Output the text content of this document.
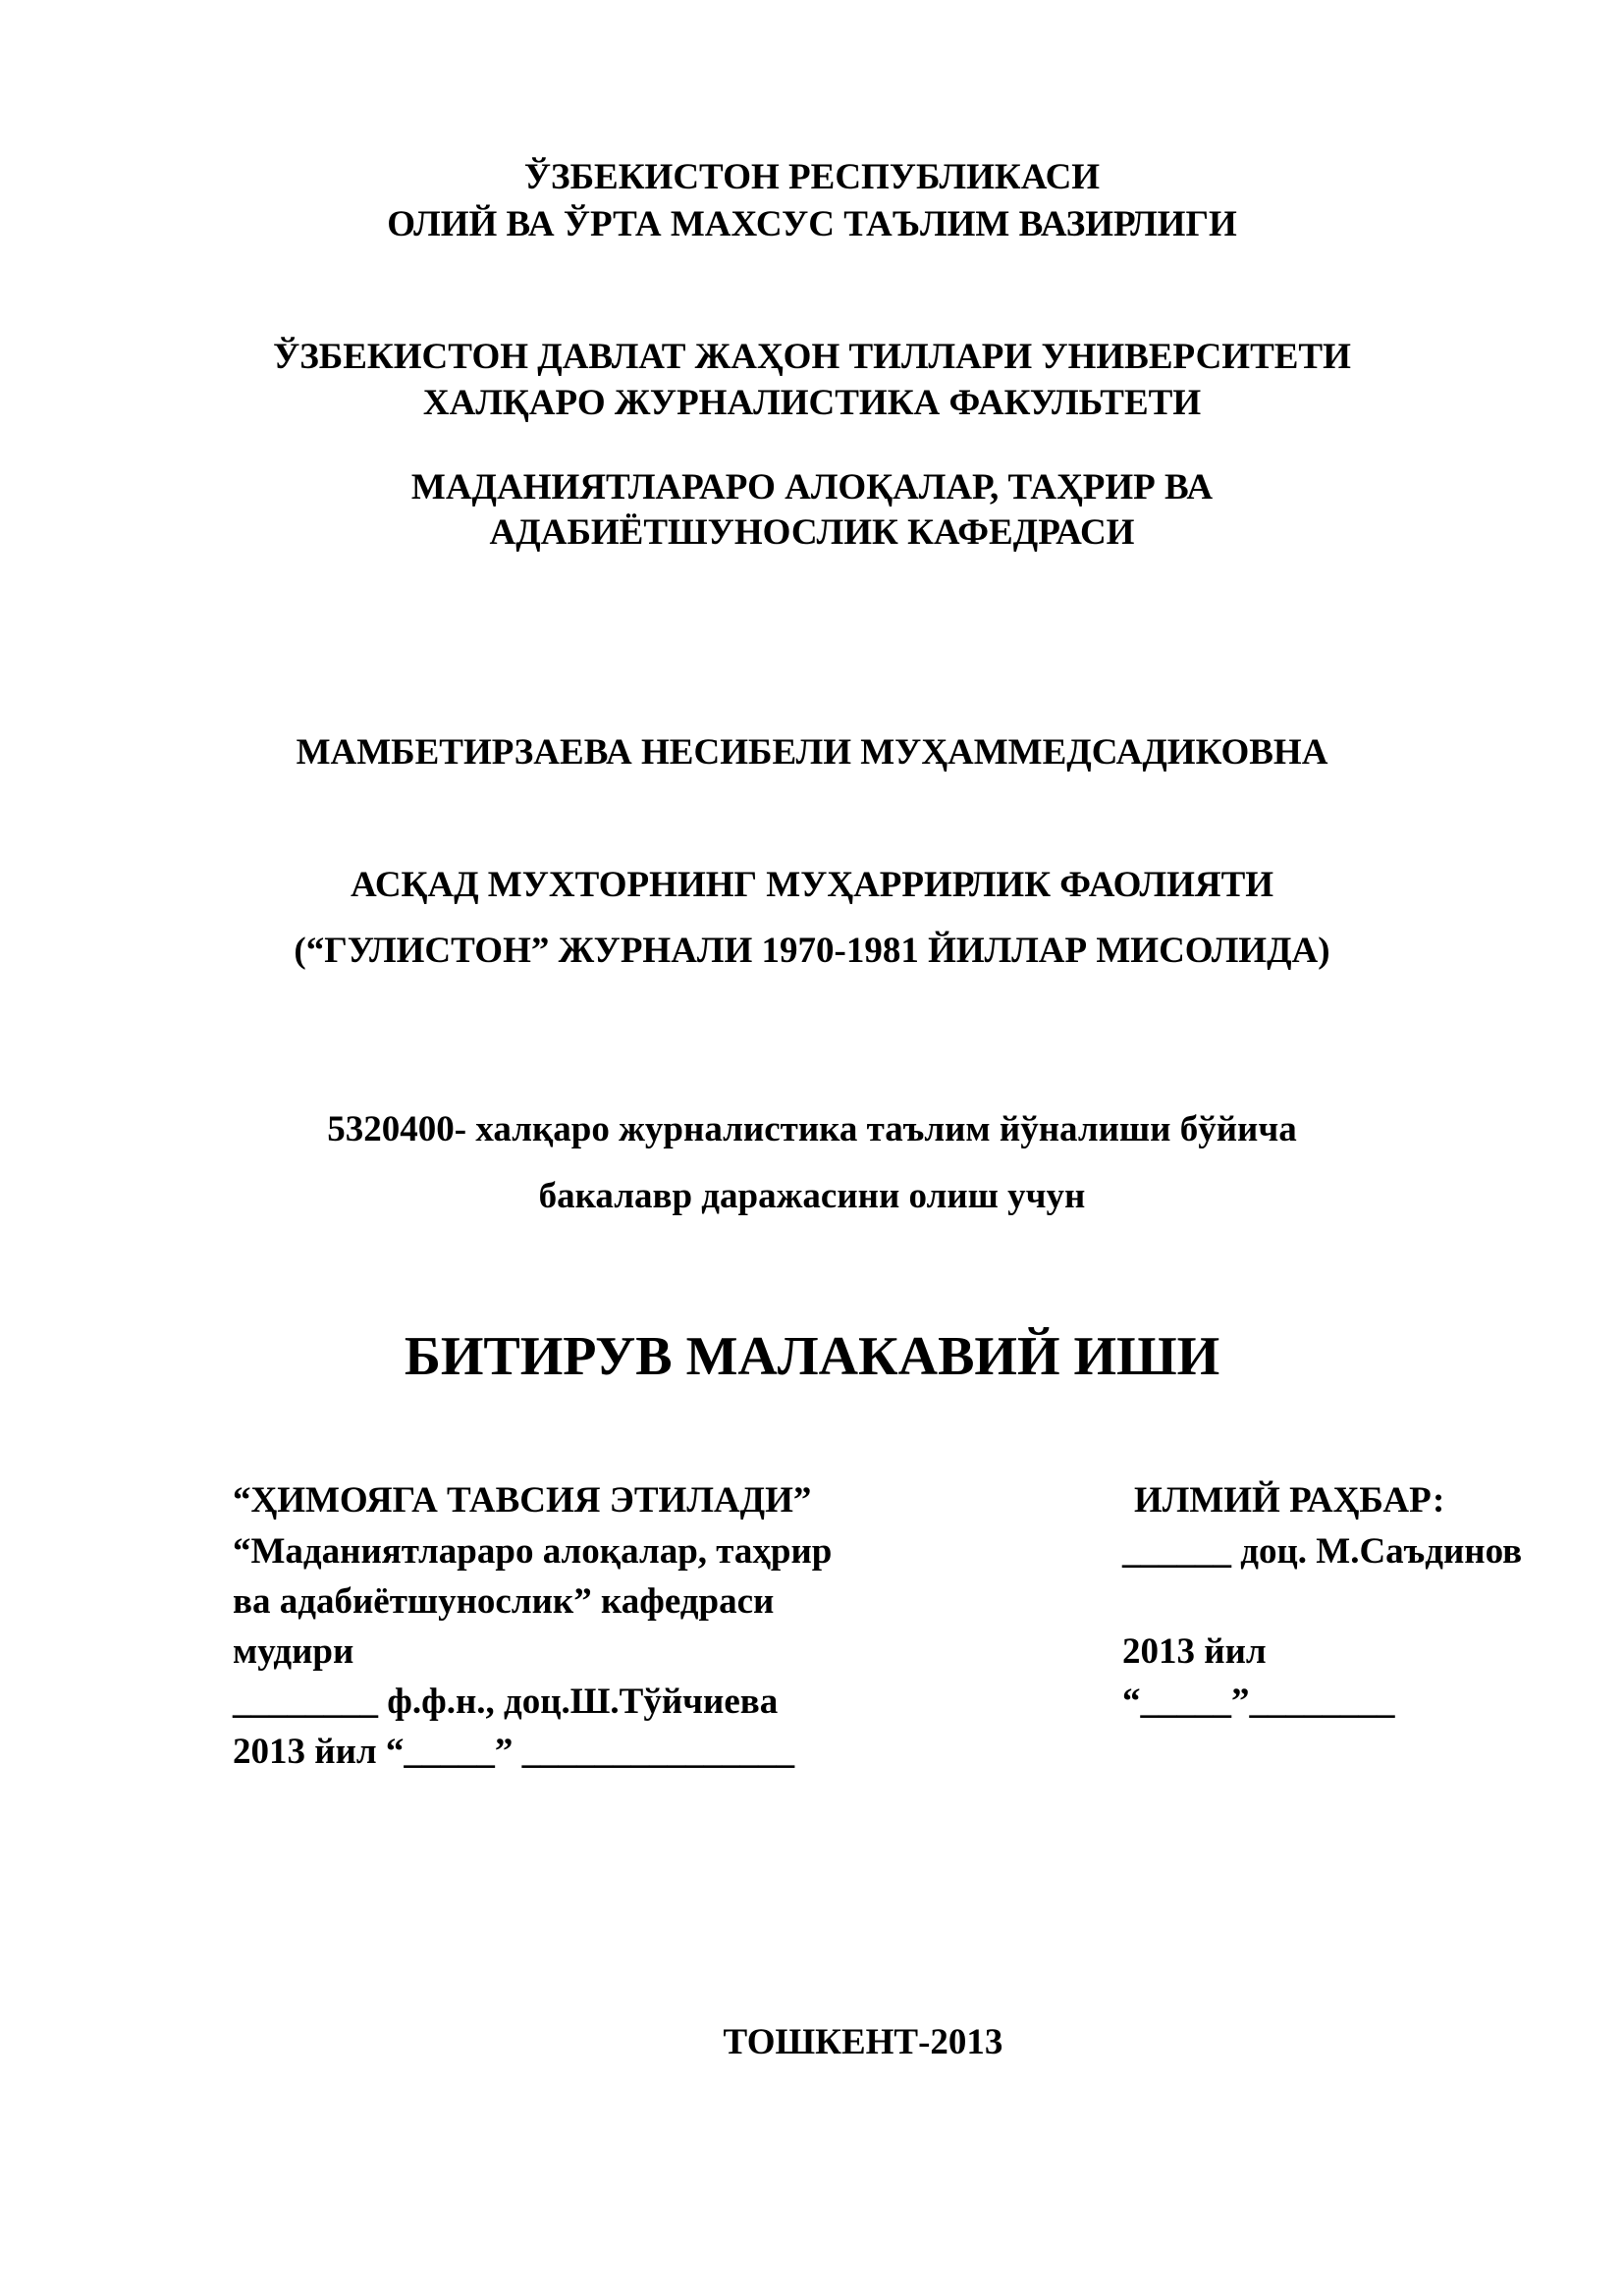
ЎЗБЕКИСТОН РЕСПУБЛИКАСИ
ОЛИЙ ВА ЎРТА МАХСУС ТАЪЛИМ ВАЗИРЛИГИ
ЎЗБЕКИСТОН ДАВЛАТ ЖАҲОН ТИЛЛАРИ УНИВЕРСИТЕТИ
ХАЛҚАРО ЖУРНАЛИСТИКА ФАКУЛЬТЕТИ
МАДАНИЯТЛАРАРО АЛОҚАЛАР, ТАҲРИР ВА
АДАБИЁТШУНОСЛИК КАФЕДРАСИ
МАМБЕТИРЗАЕВА НЕСИБЕЛИ МУҲАММЕДСАДИКОВНА
АСҚАД МУХТОРНИНГ МУҲАРРИРЛИК ФАОЛИЯТИ
(“ГУЛИСТОН” ЖУРНАЛИ 1970-1981 ЙИЛЛАР МИСОЛИДА)
5320400- халқаро журналистика таълим йўналиши бўйича
бакалавр даражасини олиш учун
БИТИРУВ МАЛАКАВИЙ ИШИ
“ҲИМОЯГА ТАВСИЯ ЭТИЛАДИ”
“Маданиятлараро алоқалар, таҳрир
ва адабиётшунослик” кафедраси
мудири
________ ф.ф.н., доц.Ш.Тўйчиева
2013 йил “_____” _______________
ИЛМИЙ РАҲБАР:
______ доц. М.Саъдинов
2013 йил
“_____”________
ТОШКЕНТ-2013
